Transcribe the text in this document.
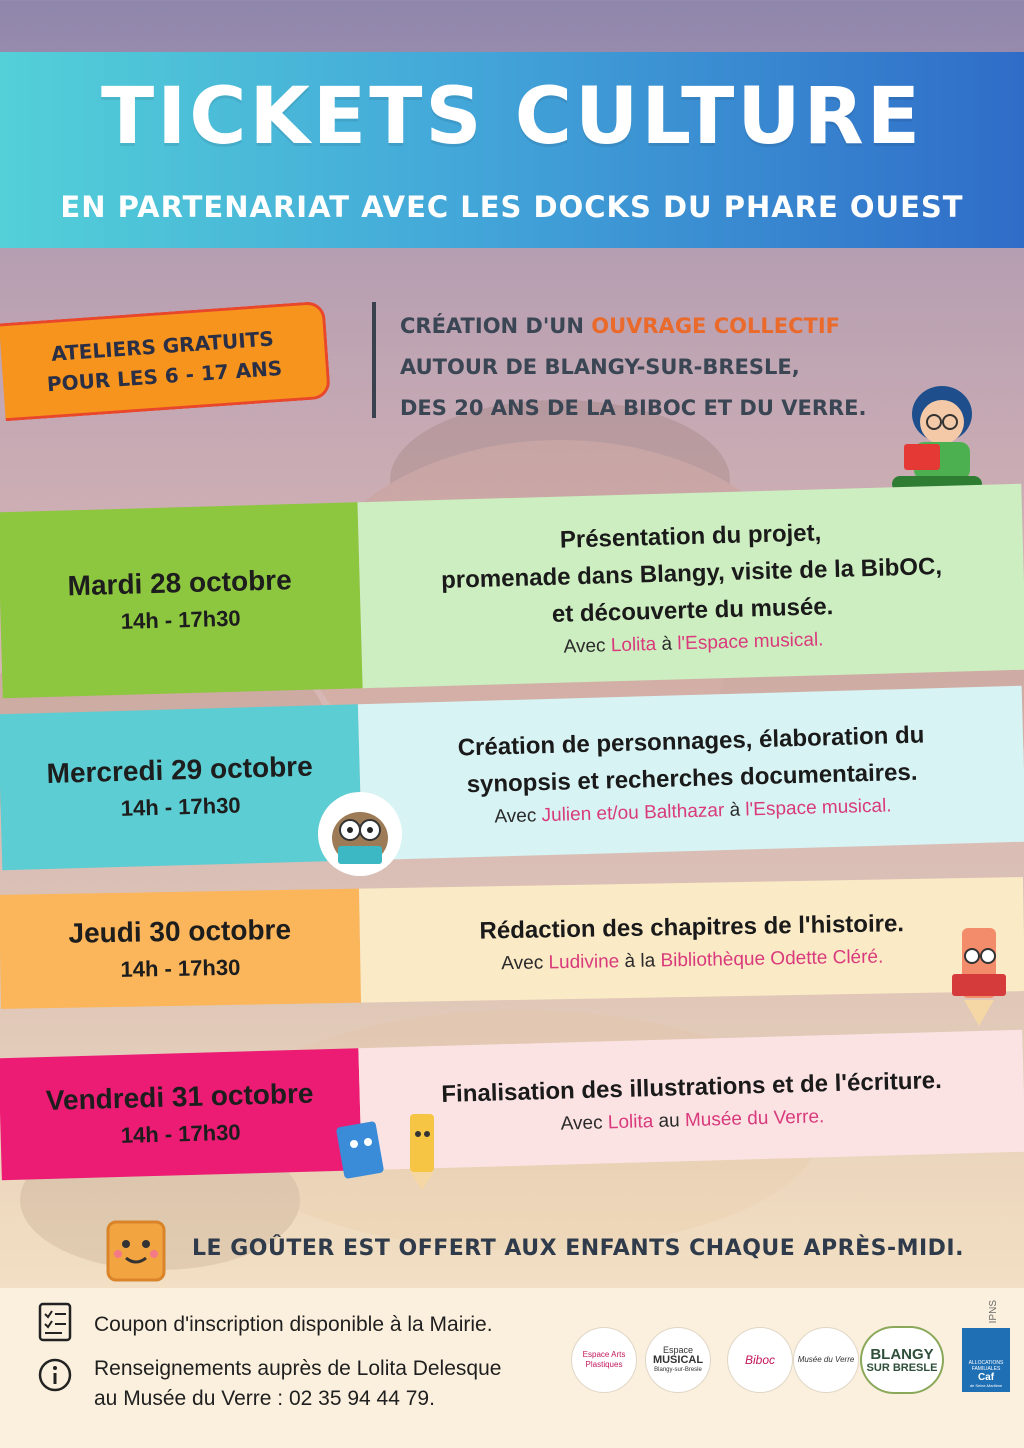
TICKETS CULTURE
EN PARTENARIAT AVEC LES DOCKS DU PHARE OUEST
ATELIERS GRATUITS
POUR LES 6 - 17 ANS
CRÉATION D'UN OUVRAGE COLLECTIF
AUTOUR DE BLANGY-SUR-BRESLE,
DES 20 ANS DE LA BIBOC ET DU VERRE.
Mardi 28 octobre
14h - 17h30
Présentation du projet,
promenade dans Blangy, visite de la BibOC,
et découverte du musée.
Avec Lolita à l'Espace musical.
Mercredi 29 octobre
14h - 17h30
Création de personnages, élaboration du
synopsis et recherches documentaires.
Avec Julien et/ou Balthazar à l'Espace musical.
Jeudi 30 octobre
14h - 17h30
Rédaction des chapitres de l'histoire.
Avec Ludivine à la Bibliothèque Odette Cléré.
Vendredi 31 octobre
14h - 17h30
Finalisation des illustrations et de l'écriture.
Avec Lolita au Musée du Verre.
LE GOÛTER EST OFFERT AUX ENFANTS CHAQUE APRÈS-MIDI.
Coupon d'inscription disponible à la Mairie.
Renseignements auprès de Lolita Delesque
au Musée du Verre : 02 35 94 44 79.
Espace Arts Plastiques
Espace
MUSICAL
Blangy-sur-Bresle
Biboc	Musée du Verre BLANGY
SUR BRESLE	ALLOCATIONS FAMILIALES
Caf
de Seine-Maritime
IPNS
